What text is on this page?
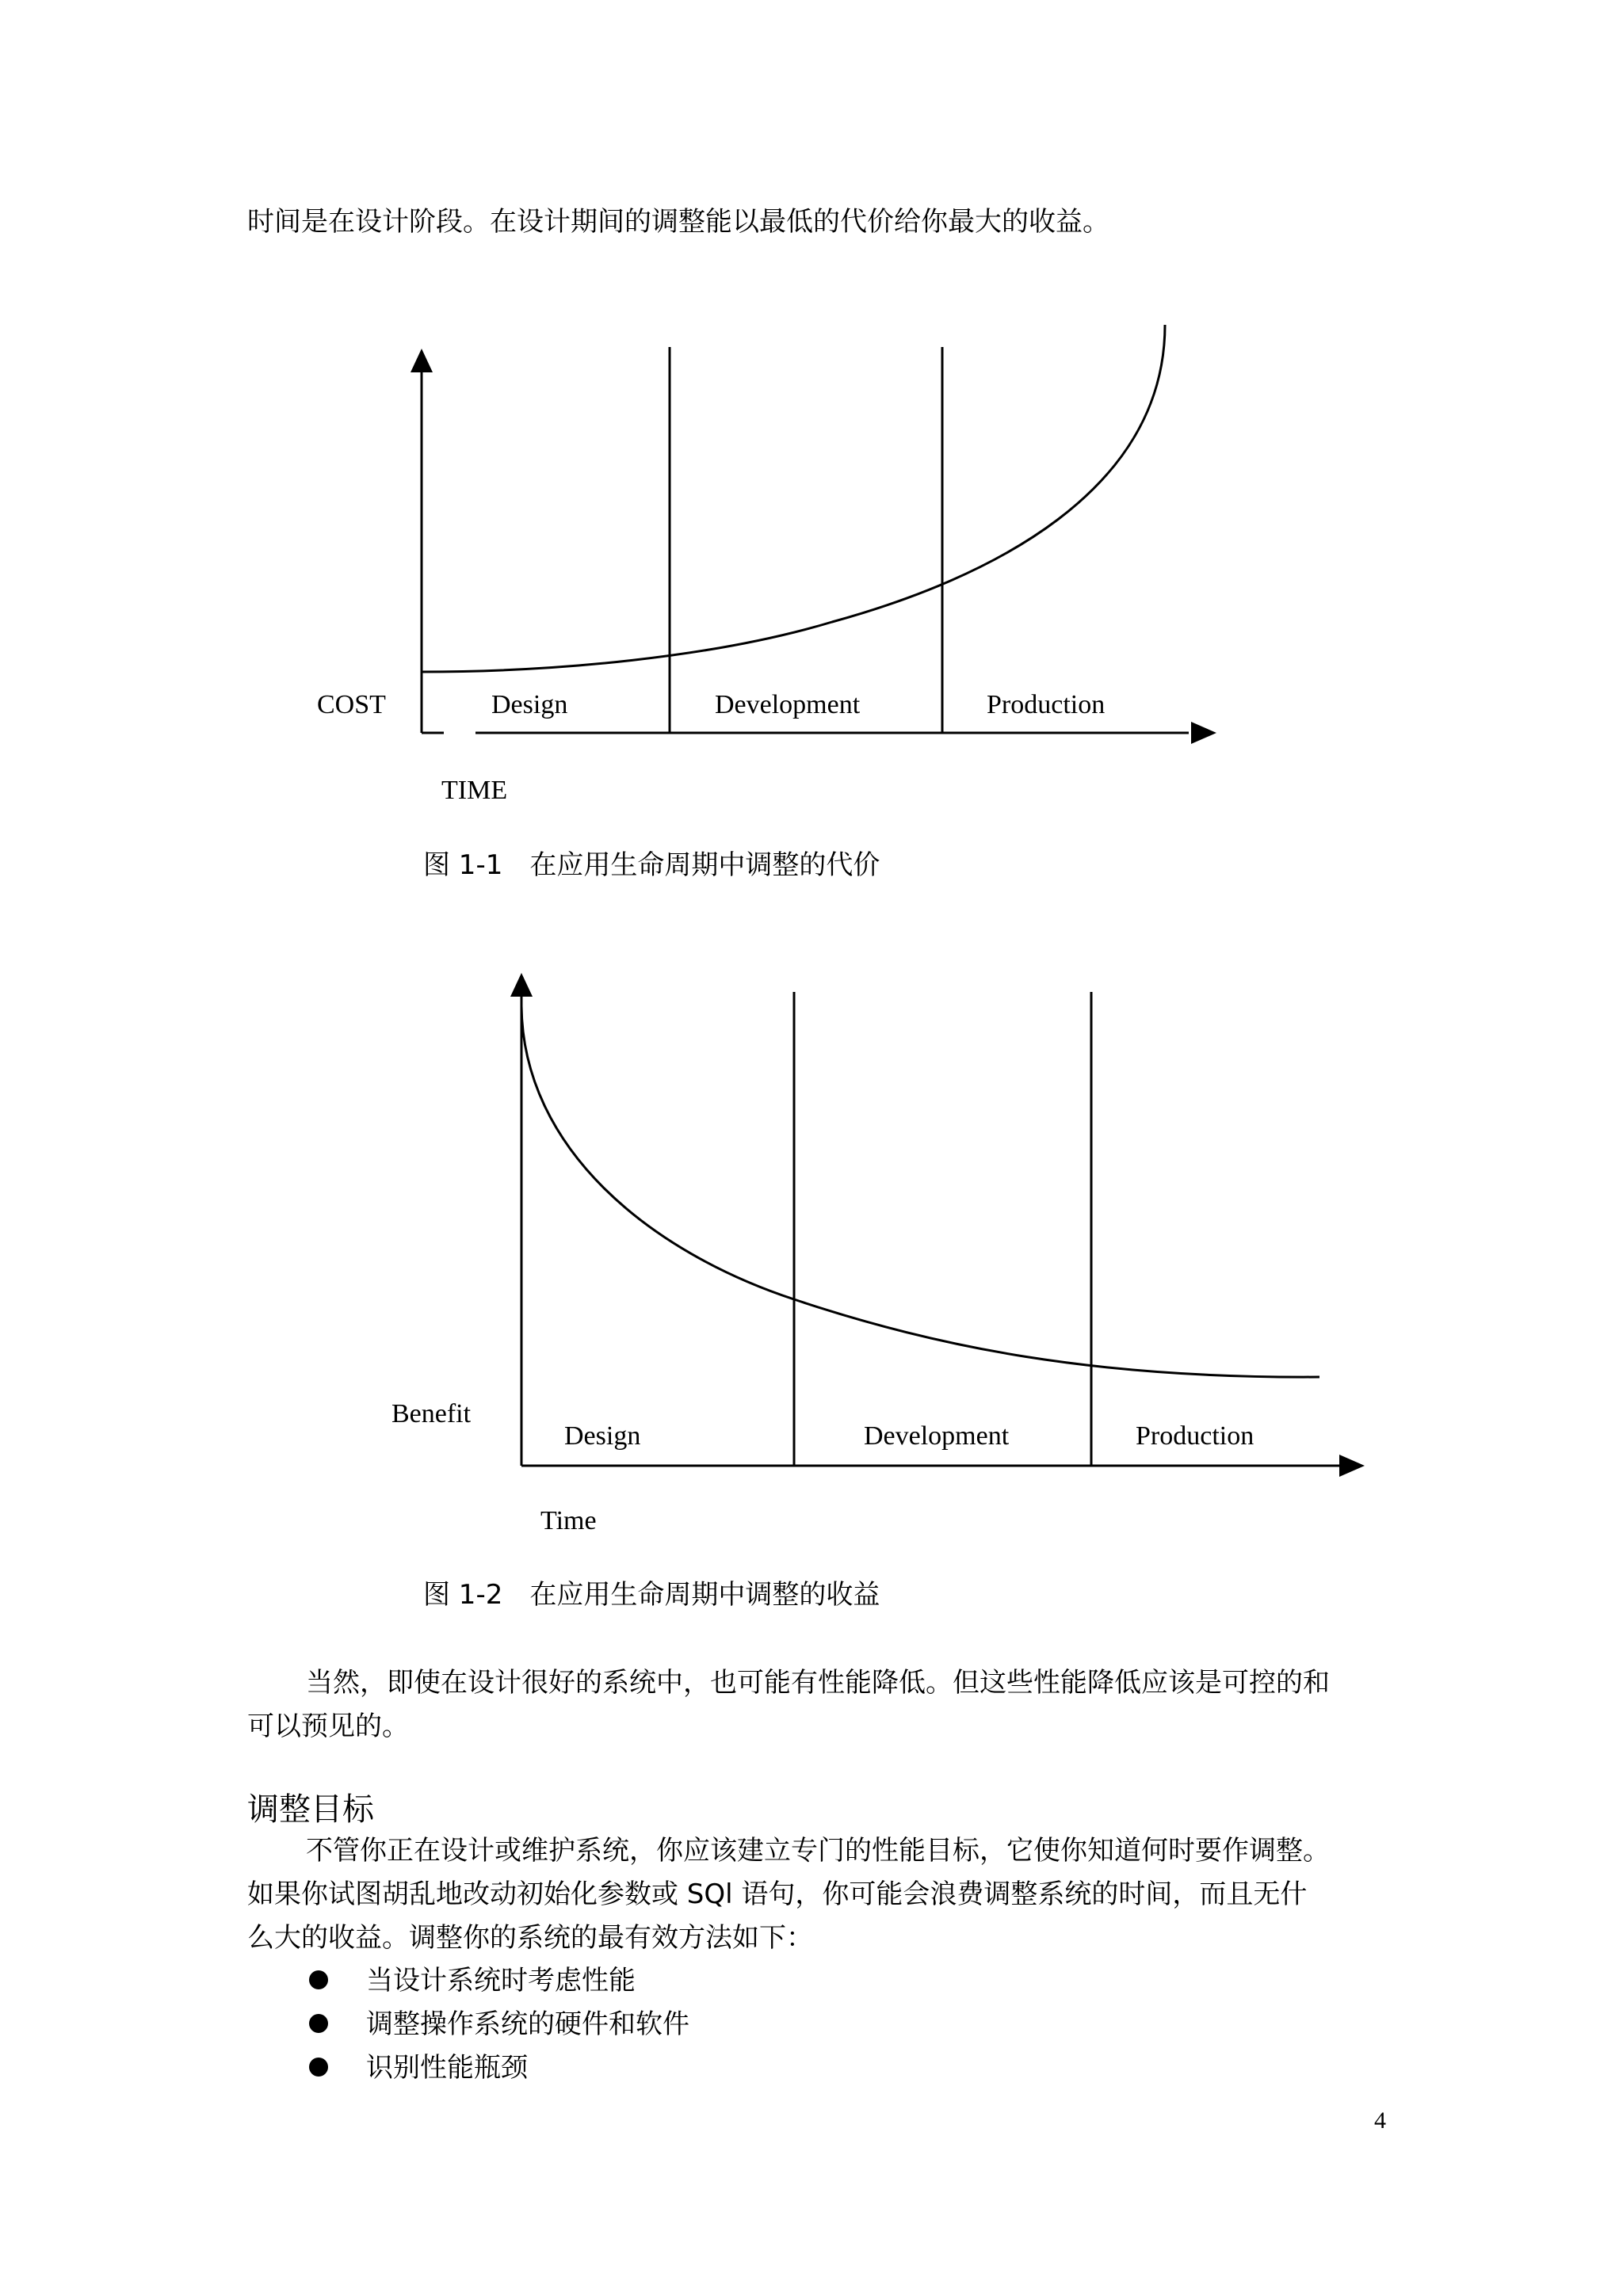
时间是在设计阶段。在设计期间的调整能以最低的代价给你最大的收益。
COST	Design	Development	Production
TIME
Benefit
Design	Development	Production
Time
图 1-1　在应用生命周期中调整的代价
图 1-2　在应用生命周期中调整的收益
当然，即使在设计很好的系统中，也可能有性能降低。但这些性能降低应该是可控的和
可以预见的。
调整目标
不管你正在设计或维护系统，你应该建立专门的性能目标，它使你知道何时要作调整。
如果你试图胡乱地改动初始化参数或 SQl 语句，你可能会浪费调整系统的时间，而且无什
么大的收益。调整你的系统的最有效方法如下：
当设计系统时考虑性能
调整操作系统的硬件和软件
识别性能瓶颈
4
